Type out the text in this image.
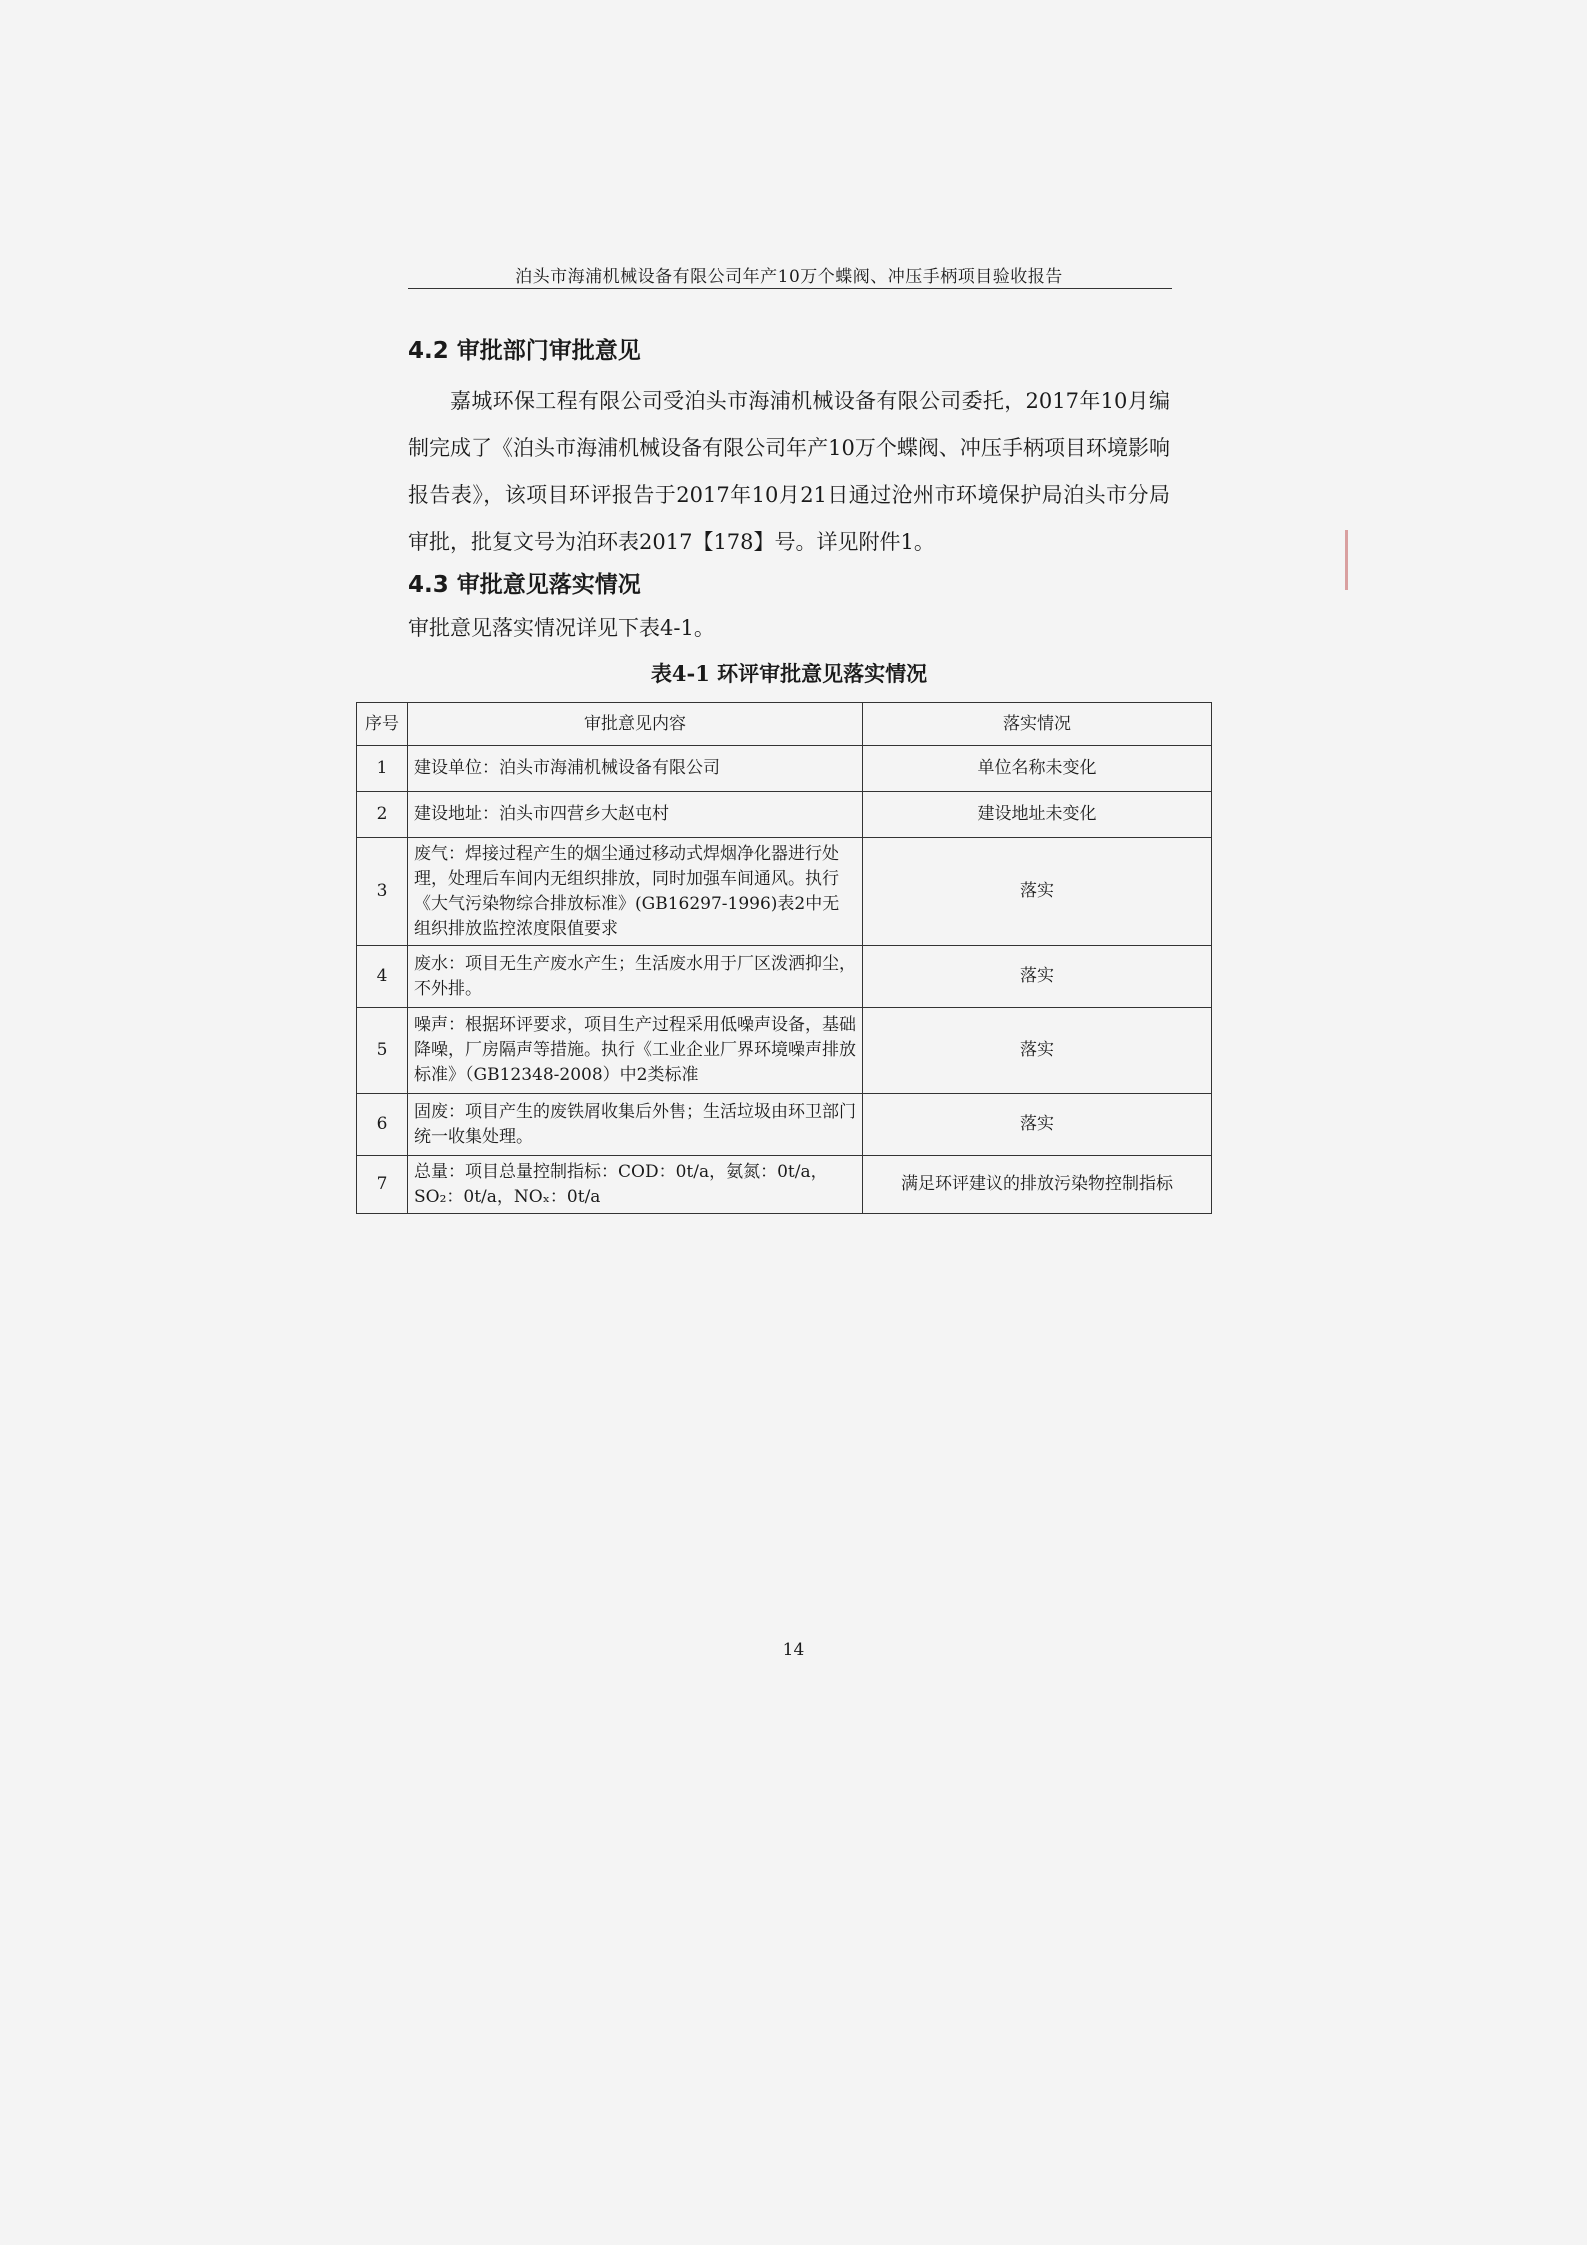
泊头市海浦机械设备有限公司年产10万个蝶阀、冲压手柄项目验收报告
4.2 审批部门审批意见
嘉城环保工程有限公司受泊头市海浦机械设备有限公司委托，2017年10月编制完成了《泊头市海浦机械设备有限公司年产10万个蝶阀、冲压手柄项目环境影响报告表》，该项目环评报告于2017年10月21日通过沧州市环境保护局泊头市分局审批，批复文号为泊环表2017【178】号。详见附件1。
4.3 审批意见落实情况
审批意见落实情况详见下表4-1。
表4-1 环评审批意见落实情况
序号	审批意见内容	落实情况
1	建设单位：泊头市海浦机械设备有限公司	单位名称未变化
2	建设地址：泊头市四营乡大赵屯村	建设地址未变化
3	废气：焊接过程产生的烟尘通过移动式焊烟净化器进行处理，处理后车间内无组织排放，同时加强车间通风。执行《大气污染物综合排放标准》(GB16297-1996)表2中无组织排放监控浓度限值要求	落实
4	废水：项目无生产废水产生；生活废水用于厂区泼洒抑尘，不外排。	落实
5	噪声：根据环评要求，项目生产过程采用低噪声设备，基础降噪，厂房隔声等措施。执行《工业企业厂界环境噪声排放标准》（GB12348-2008）中2类标准	落实
6	固废：项目产生的废铁屑收集后外售；生活垃圾由环卫部门统一收集处理。	落实
7	总量：项目总量控制指标：COD：0t/a，氨氮：0t/a，SO₂：0t/a，NOₓ：0t/a	满足环评建议的排放污染物控制指标
14
